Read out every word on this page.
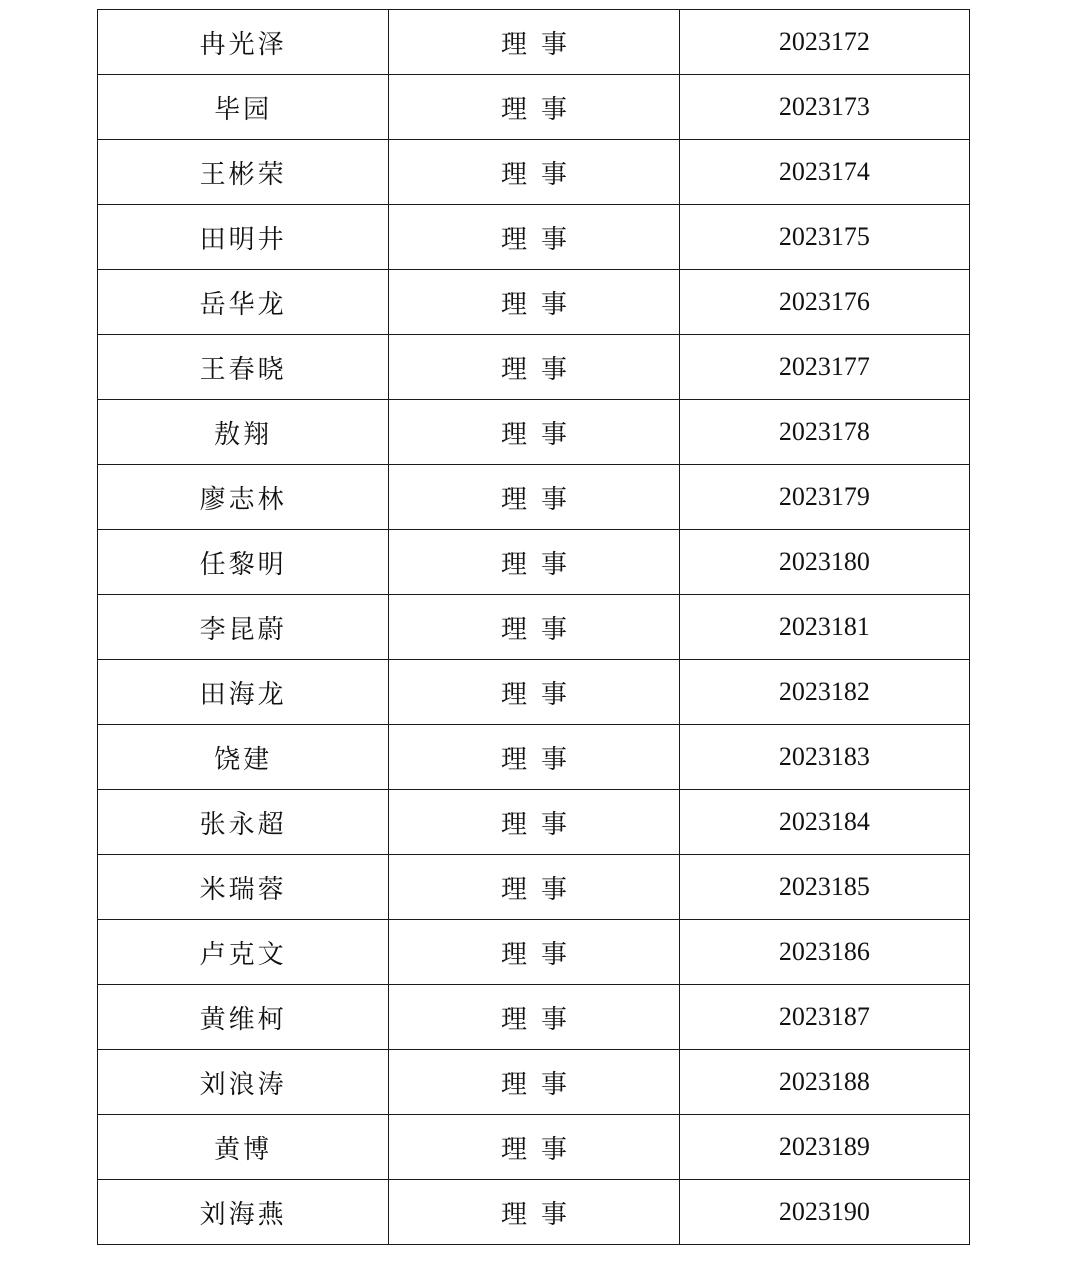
冉光泽	理事	2023172
毕园	理事	2023173
王彬荣	理事	2023174
田明井	理事	2023175
岳华龙	理事	2023176
王春晓	理事	2023177
敖翔	理事	2023178
廖志林	理事	2023179
任黎明	理事	2023180
李昆蔚	理事	2023181
田海龙	理事	2023182
饶建	理事	2023183
张永超	理事	2023184
米瑞蓉	理事	2023185
卢克文	理事	2023186
黄维柯	理事	2023187
刘浪涛	理事	2023188
黄博	理事	2023189
刘海燕	理事	2023190
